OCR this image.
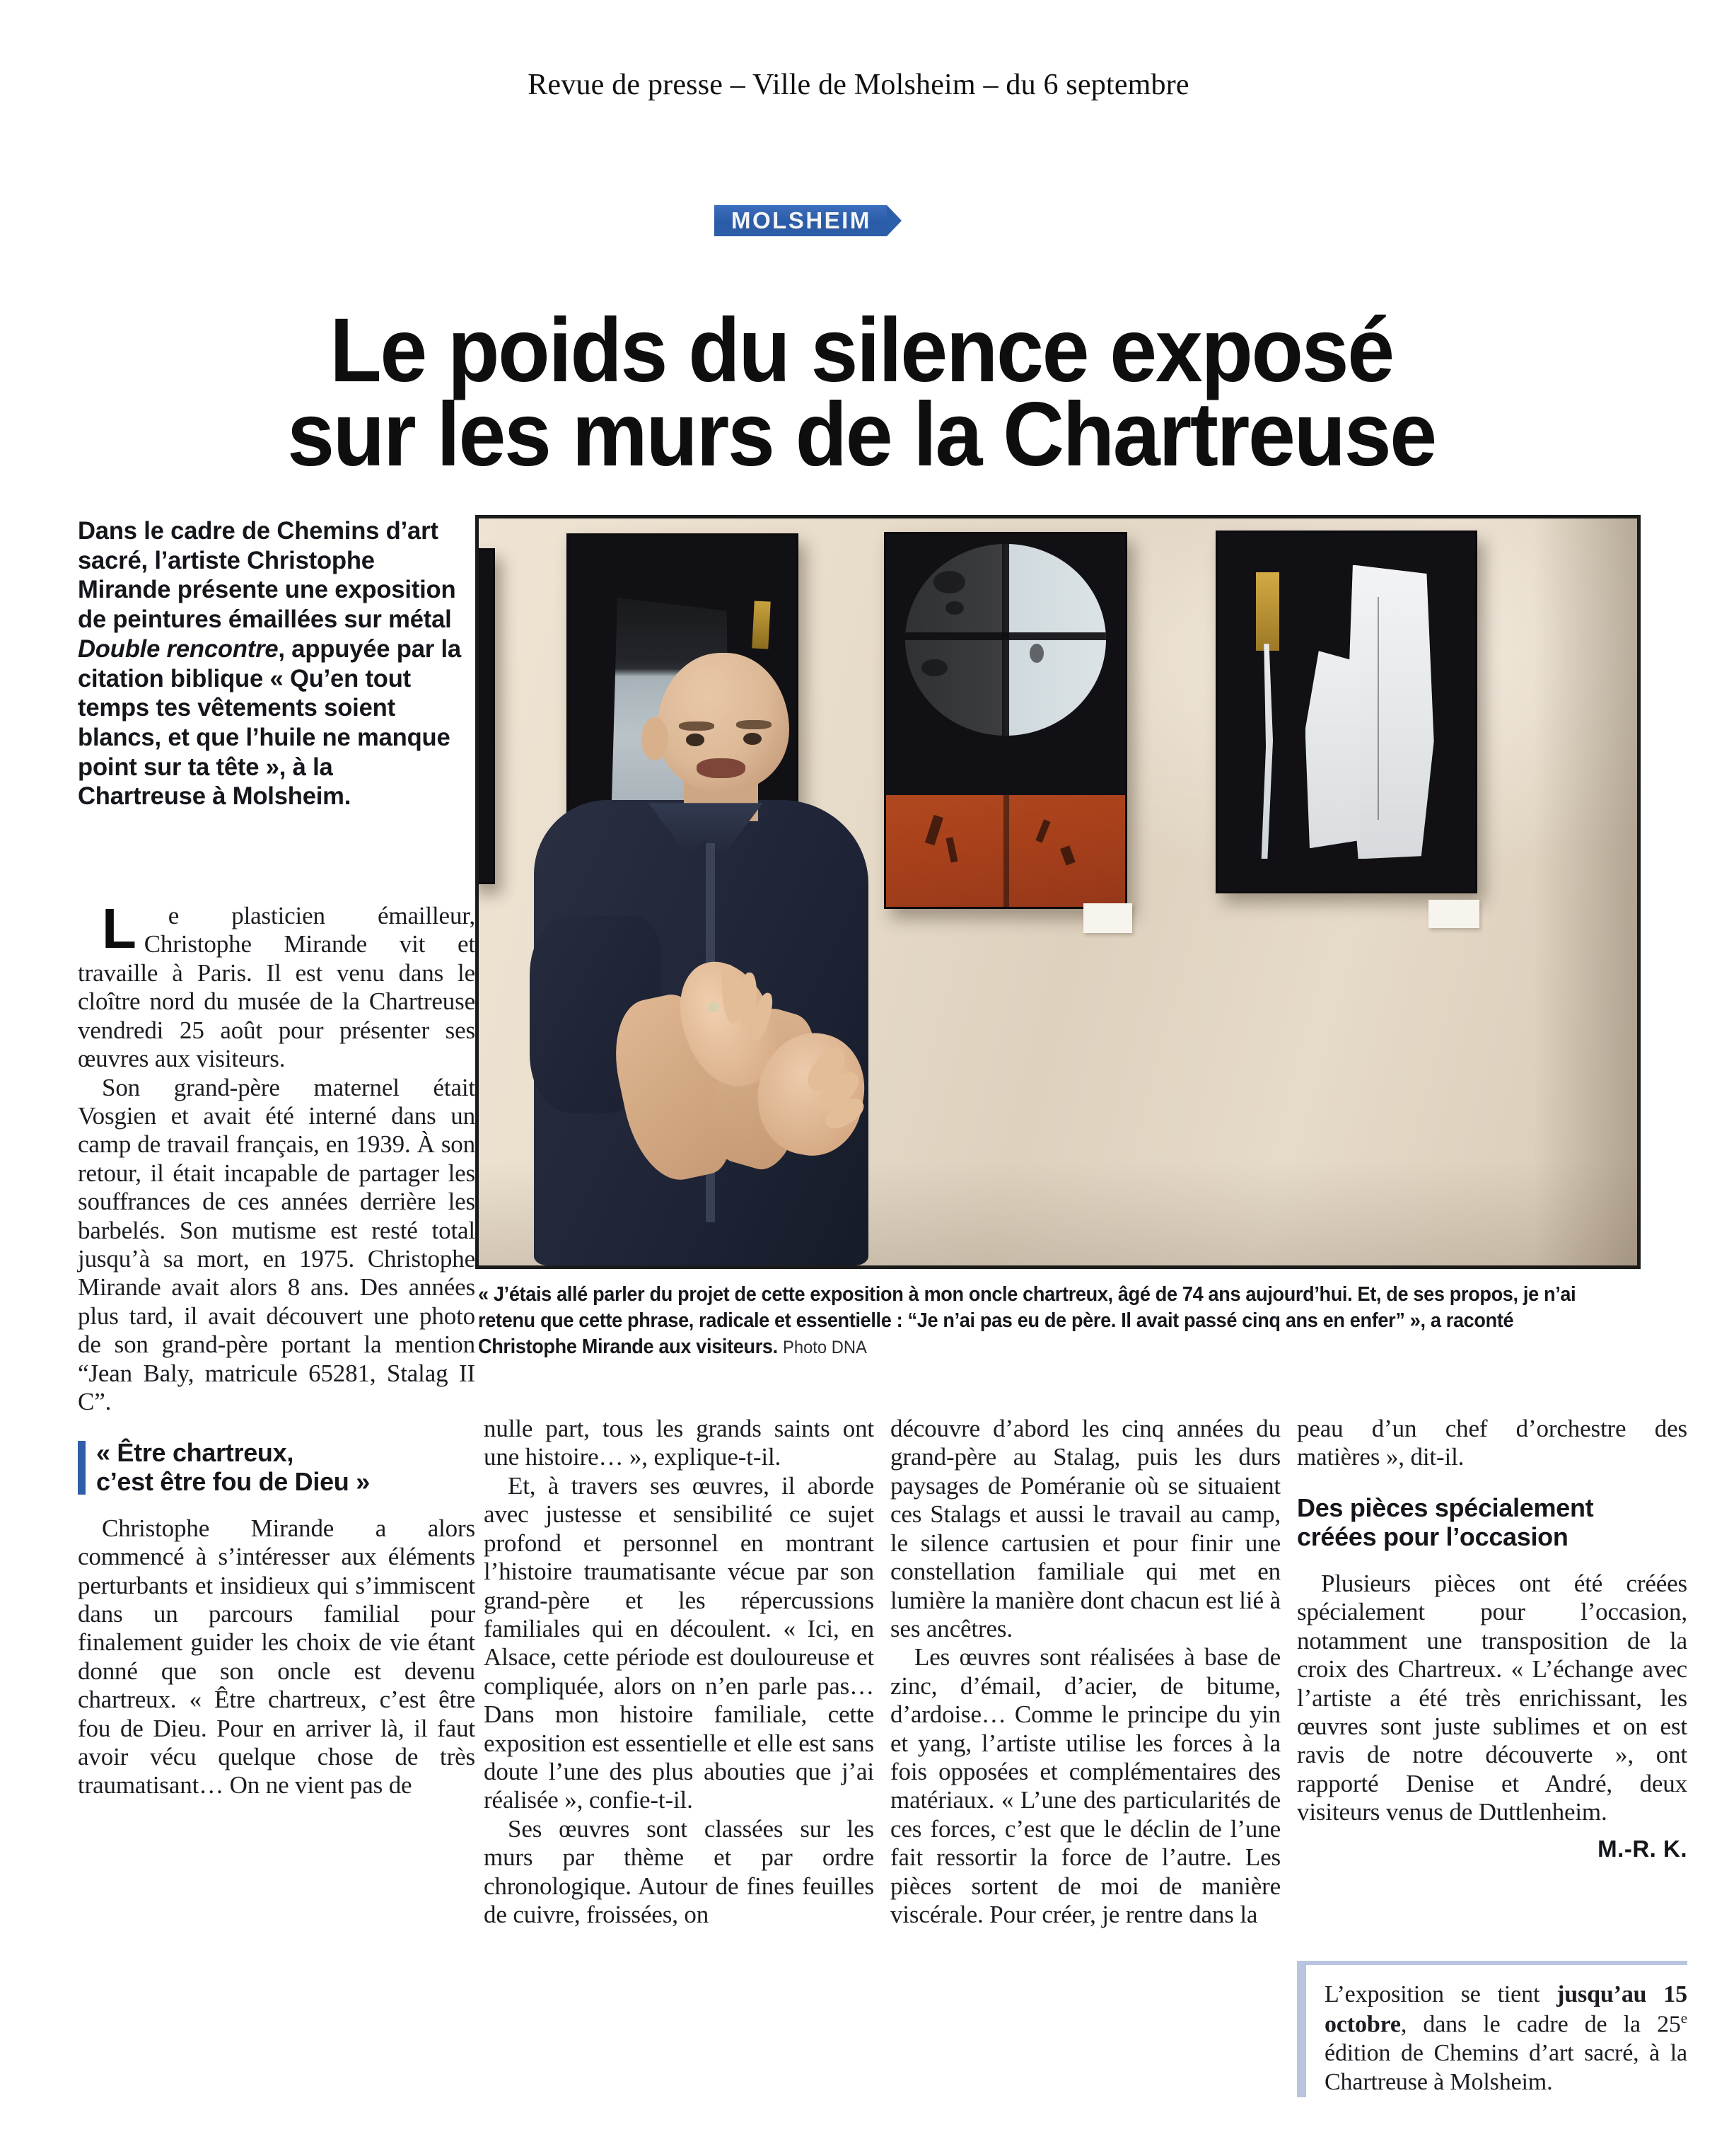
Revue de presse – Ville de Molsheim – du 6 septembre
MOLSHEIM
Le poids du silence exposé
sur les murs de la Chartreuse
Dans le cadre de Chemins d’art sacré, l’artiste Christophe Mirande présente une exposition de peintures émaillées sur métal Double rencontre, appuyée par la citation biblique « Qu’en tout temps tes vêtements soient blancs, et que l’huile ne manque point sur ta tête », à la Chartreuse à Molsheim.

Le plasticien émailleur, Christophe Mirande vit et travaille à Paris. Il est venu dans le cloître nord du musée de la Chartreuse vendredi 25 août pour présenter ses œuvres aux visiteurs.

Son grand-père maternel était Vosgien et avait été interné dans un camp de travail français, en 1939. À son retour, il était incapable de partager les souffrances de ces années derrière les barbelés. Son mutisme est resté total jusqu’à sa mort, en 1975. Christophe Mirande avait alors 8 ans. Des années plus tard, il avait découvert une photo de son grand-père portant la mention “Jean Baly, matricule 65281, Stalag II C”.

« Être chartreux,
c’est être fou de Dieu »

Christophe Mirande a alors commencé à s’intéresser aux éléments perturbants et insidieux qui s’immiscent dans un parcours familial pour finalement guider les choix de vie étant donné que son oncle est devenu chartreux. « Être chartreux, c’est être fou de Dieu. Pour en arriver là, il faut avoir vécu quelque chose de très traumatisant… On ne vient pas de

« J’étais allé parler du projet de cette exposition à mon oncle chartreux, âgé de 74 ans aujourd’hui. Et, de ses propos, je n’ai retenu que cette phrase, radicale et essentielle : “Je n’ai pas eu de père. Il avait passé cinq ans en enfer” », a raconté Christophe Mirande aux visiteurs. Photo DNA

nulle part, tous les grands saints ont une histoire… », explique-t-il.

Et, à travers ses œuvres, il aborde avec justesse et sensibilité ce sujet profond et personnel en montrant l’histoire traumatisante vécue par son grand-père et les répercussions familiales qui en découlent. « Ici, en Alsace, cette période est douloureuse et compliquée, alors on n’en parle pas… Dans mon histoire familiale, cette exposition est essentielle et elle est sans doute l’une des plus abouties que j’ai réalisée », confie-t-il.

Ses œuvres sont classées sur les murs par thème et par ordre chronologique. Autour de fines feuilles de cuivre, froissées, on

découvre d’abord les cinq années du grand-père au Stalag, puis les durs paysages de Poméranie où se situaient ces Stalags et aussi le travail au camp, le silence cartusien et pour finir une constellation familiale qui met en lumière la manière dont chacun est lié à ses ancêtres.

Les œuvres sont réalisées à base de zinc, d’émail, d’acier, de bitume, d’ardoise… Comme le principe du yin et yang, l’artiste utilise les forces à la fois opposées et complémentaires des matériaux. « L’une des particularités de ces forces, c’est que le déclin de l’une fait ressortir la force de l’autre. Les pièces sortent de moi de manière viscérale. Pour créer, je rentre dans la

peau d’un chef d’orchestre des matières », dit-il.

Des pièces spécialement
créées pour l’occasion

Plusieurs pièces ont été créées spécialement pour l’occasion, notamment une transposition de la croix des Chartreux. « L’échange avec l’artiste a été très enrichissant, les œuvres sont juste sublimes et on est ravis de notre découverte », ont rapporté Denise et André, deux visiteurs venus de Duttlenheim.

M.-R. K.

L’exposition se tient jusqu’au 15 octobre, dans le cadre de la 25e édition de Chemins d’art sacré, à la Chartreuse à Molsheim.
